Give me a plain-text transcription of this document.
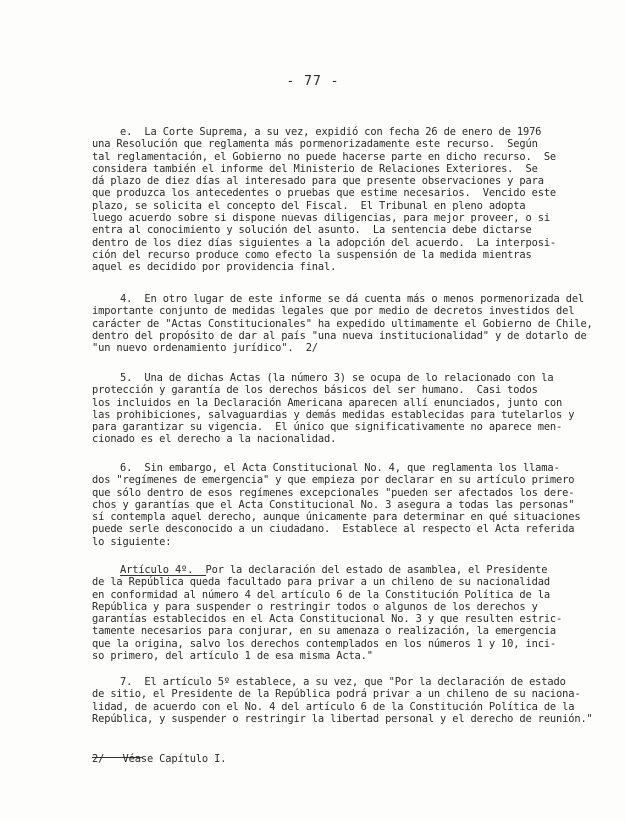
- 77 -
e.  La Corte Suprema, a su vez, expidió con fecha 26 de enero de 1976
una Resolución que reglamenta más pormenorizadamente este recurso.  Según
tal reglamentación, el Gobierno no puede hacerse parte en dicho recurso.  Se
considera también el informe del Ministerio de Relaciones Exteriores.  Se
dá plazo de diez días al interesado para que presente observaciones y para
que produzca los antecedentes o pruebas que estime necesarios.  Vencido este
plazo, se solicita el concepto del Fiscal.  El Tribunal en pleno adopta
luego acuerdo sobre si dispone nuevas diligencias, para mejor proveer, o si
entra al conocimiento y solución del asunto.  La sentencia debe dictarse
dentro de los diez días siguientes a la adopción del acuerdo.  La interposi-
ción del recurso produce como efecto la suspensión de la medida mientras
aquel es decidido por providencia final.
4.  En otro lugar de este informe se dá cuenta más o menos pormenorizada del
importante conjunto de medidas legales que por medio de decretos investidos del
carácter de "Actas Constitucionales" ha expedido ultimamente el Gobierno de Chile,
dentro del propósito de dar al país "una nueva institucionalidad" y de dotarlo de
"un nuevo ordenamiento jurídico".  2/
5.  Una de dichas Actas (la número 3) se ocupa de lo relacionado con la
protección y garantía de los derechos básicos del ser humano.  Casi todos
los incluidos en la Declaración Americana aparecen allí enunciados, junto con
las prohibiciones, salvaguardias y demás medidas establecidas para tutelarlos y
para garantizar su vigencia.  El único que significativamente no aparece men-
cionado es el derecho a la nacionalidad.
6.  Sin embargo, el Acta Constitucional No. 4, que reglamenta los llama-
dos "regímenes de emergencia" y que empieza por declarar en su artículo primero
que sólo dentro de esos regímenes excepcionales "pueden ser afectados los dere-
chos y garantías que el Acta Constitucional No. 3 asegura a todas las personas"
sí contempla aquel derecho, aunque únicamente para determinar en qué situaciones
puede serle desconocido a un ciudadano.  Establece al respecto el Acta referida
lo siguiente:
Artículo 4º.  Por la declaración del estado de asamblea, el Presidente
de la República queda facultado para privar a un chileno de su nacionalidad
en conformidad al número 4 del artículo 6 de la Constitución Política de la
República y para suspender o restringir todos o algunos de los derechos y
garantías establecidos en el Acta Constitucional No. 3 y que resulten estric-
tamente necesarios para conjurar, en su amenaza o realización, la emergencia
que la origina, salvo los derechos contemplados en los números 1 y 10, inci-
so primero, del artículo 1 de esa misma Acta."
7.  El artículo 5º establece, a su vez, que "Por la declaración de estado
de sitio, el Presidente de la República podrá privar a un chileno de su naciona-
lidad, de acuerdo con el No. 4 del artículo 6 de la Constitución Política de la
República, y suspender o restringir la libertad personal y el derecho de reunión."
2/   Véase Capítulo I.
